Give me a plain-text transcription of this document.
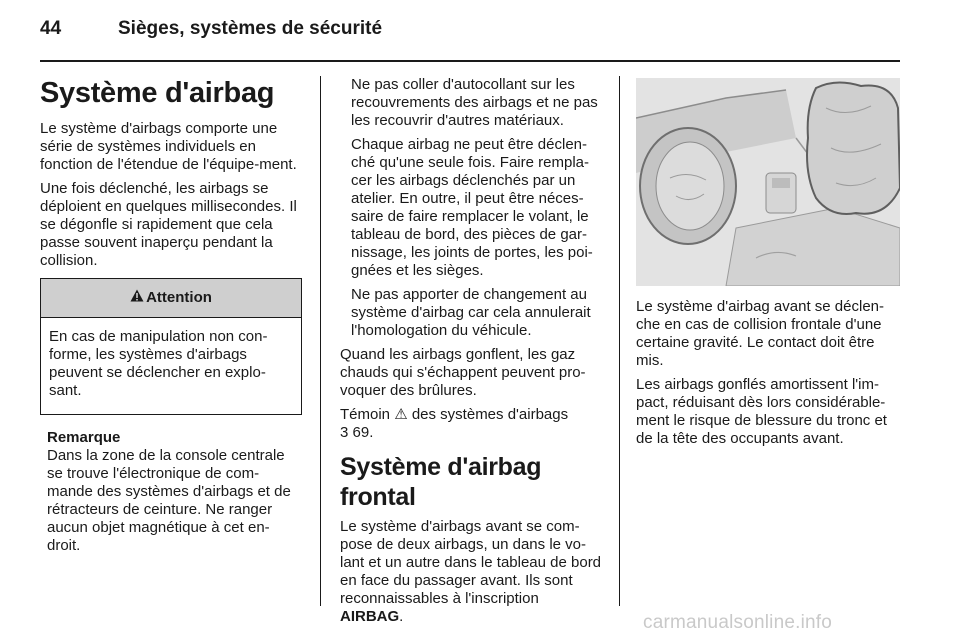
44	Sièges, systèmes de sécurité
Système d'airbag

Le système d'airbags comporte une série de systèmes individuels en fonction de l'étendue de l'équipe-ment.

Une fois déclenché, les airbags se déploient en quelques millisecondes. Il se dégonfle si rapidement que cela passe souvent inaperçu pendant la collision.

Attention
En cas de manipulation non con-forme, les systèmes d'airbags peuvent se déclencher en explo-sant.
Remarque
Dans la zone de la console centrale se trouve l'électronique de com-mande des systèmes d'airbags et de rétracteurs de ceinture. Ne ranger aucun objet magnétique à cet en-droit.

Ne pas coller d'autocollant sur les recouvrements des airbags et ne pas les recouvrir d'autres matériaux.

Chaque airbag ne peut être déclen-ché qu'une seule fois. Faire rempla-cer les airbags déclenchés par un atelier. En outre, il peut être néces-saire de faire remplacer le volant, le tableau de bord, des pièces de gar-nissage, les joints de portes, les poi-gnées et les sièges.

Ne pas apporter de changement au système d'airbag car cela annulerait l'homologation du véhicule.

Quand les airbags gonflent, les gaz chauds qui s'échappent peuvent pro-voquer des brûlures.

Témoin ⚠ des systèmes d'airbags
3 69.

Système d'airbag frontal

Le système d'airbags avant se com-pose de deux airbags, un dans le vo-lant et un autre dans le tableau de bord en face du passager avant. Ils sont reconnaissables à l'inscription AIRBAG.

Le système d'airbag avant se déclen-che en cas de collision frontale d'une certaine gravité. Le contact doit être mis.

Les airbags gonflés amortissent l'im-pact, réduisant dès lors considérable-ment le risque de blessure du tronc et de la tête des occupants avant.

carmanualsonline.info
